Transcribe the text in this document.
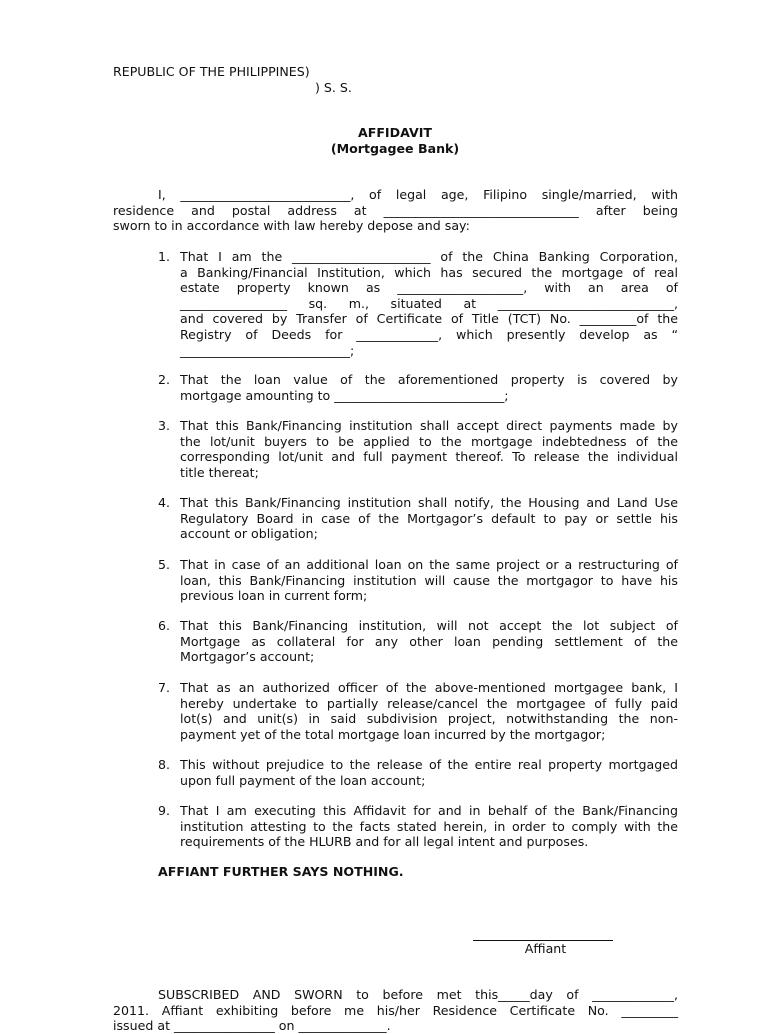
REPUBLIC OF THE PHILIPPINES)
) S. S.
AFFIDAVIT
(Mortgagee Bank)
I, ___________________________, of legal age, Filipino single/married, with
residence and postal address at _______________________________ after being
sworn to in accordance with law hereby depose and say:
1. That I am the ______________________ of the China Banking Corporation,
a Banking/Financial Institution, which has secured the mortgage of real
estate property known as ____________________, with an area of
_________________ sq. m., situated at ____________________________,
and covered by Transfer of Certificate of Title (TCT) No. _________of the
Registry of Deeds for _____________, which presently develop as “
___________________________;
2. That the loan value of the aforementioned property is covered by
mortgage amounting to ___________________________;
3. That this Bank/Financing institution shall accept direct payments made by
the lot/unit buyers to be applied to the mortgage indebtedness of the
corresponding lot/unit and full payment thereof. To release the individual
title thereat;
4. That this Bank/Financing institution shall notify, the Housing and Land Use
Regulatory Board in case of the Mortgagor’s default to pay or settle his
account or obligation;
5. That in case of an additional loan on the same project or a restructuring of
loan, this Bank/Financing institution will cause the mortgagor to have his
previous loan in current form;
6. That this Bank/Financing institution, will not accept the lot subject of
Mortgage as collateral for any other loan pending settlement of the
Mortgagor’s account;
7. That as an authorized officer of the above-mentioned mortgagee bank, I
hereby undertake to partially release/cancel the mortgagee of fully paid
lot(s) and unit(s) in said subdivision project, notwithstanding the non-
payment yet of the total mortgage loan incurred by the mortgagor;
8. This without prejudice to the release of the entire real property mortgaged
upon full payment of the loan account;
9. That I am executing this Affidavit for and in behalf of the Bank/Financing
institution attesting to the facts stated herein, in order to comply with the
requirements of the HLURB and for all legal intent and purposes.
AFFIANT FURTHER SAYS NOTHING.
Affiant
SUBSCRIBED AND SWORN to before met this_____day of _____________,
2011. Affiant exhibiting before me his/her Residence Certificate No. _________
issued at ________________ on ______________.
